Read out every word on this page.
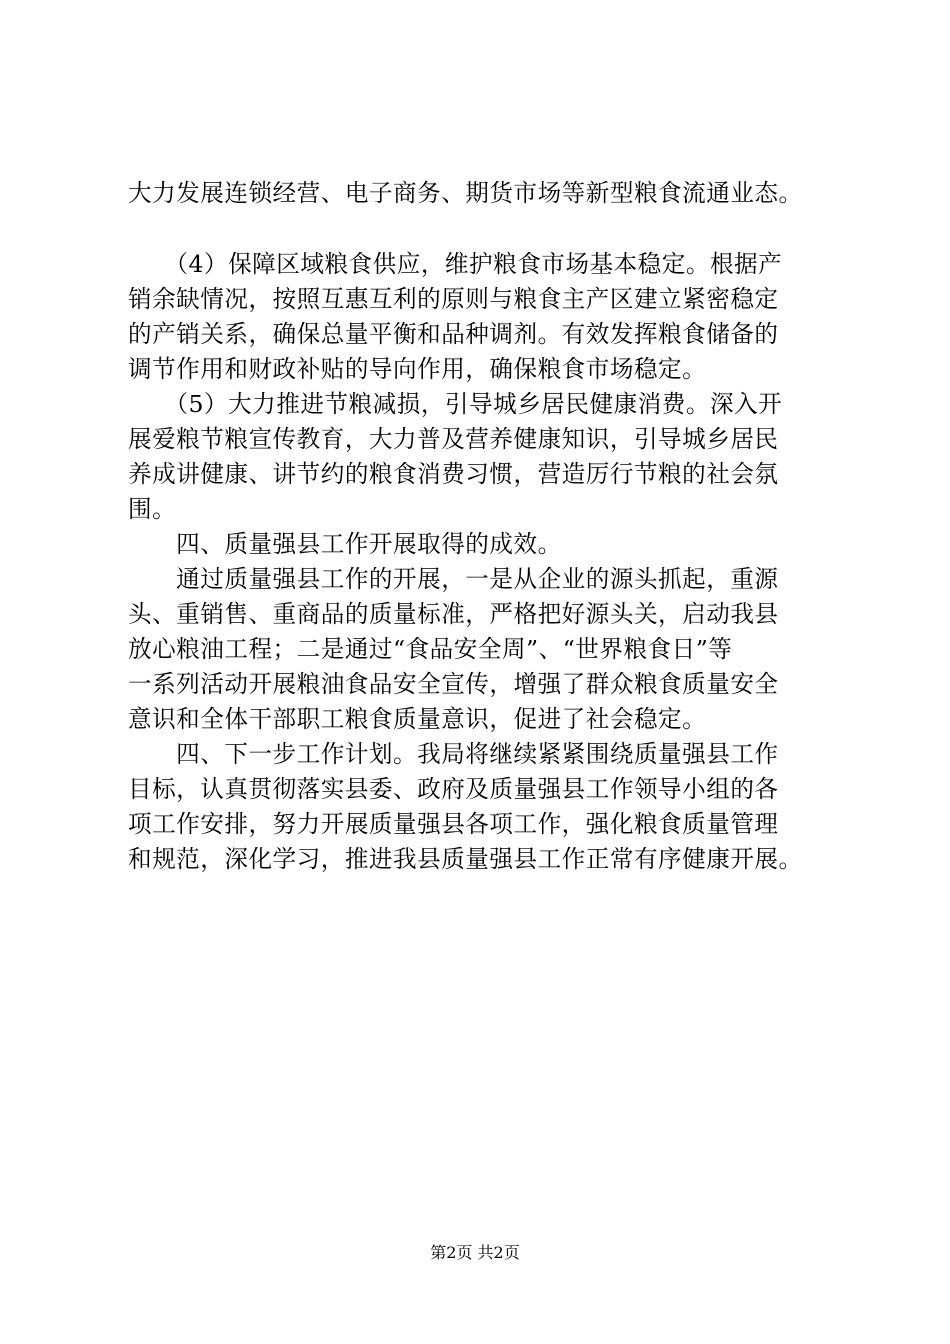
大力发展连锁经营、电子商务、期货市场等新型粮食流通业态。
　　（4）保障区域粮食供应，维护粮食市场基本稳定。根据产
销余缺情况，按照互惠互利的原则与粮食主产区建立紧密稳定
的产销关系，确保总量平衡和品种调剂。有效发挥粮食储备的
调节作用和财政补贴的导向作用，确保粮食市场稳定。
　　（5）大力推进节粮减损，引导城乡居民健康消费。深入开
展爱粮节粮宣传教育，大力普及营养健康知识，引导城乡居民
养成讲健康、讲节约的粮食消费习惯，营造厉行节粮的社会氛
围。
　　四、质量强县工作开展取得的成效。
　　通过质量强县工作的开展，一是从企业的源头抓起，重源
头、重销售、重商品的质量标准，严格把好源头关，启动我县
放心粮油工程；二是通过“食品安全周”、“世界粮食日”等
一系列活动开展粮油食品安全宣传，增强了群众粮食质量安全
意识和全体干部职工粮食质量意识，促进了社会稳定。
　　四、下一步工作计划。我局将继续紧紧围绕质量强县工作
目标，认真贯彻落实县委、政府及质量强县工作领导小组的各
项工作安排，努力开展质量强县各项工作，强化粮食质量管理
和规范，深化学习，推进我县质量强县工作正常有序健康开展。
第2页 共2页
